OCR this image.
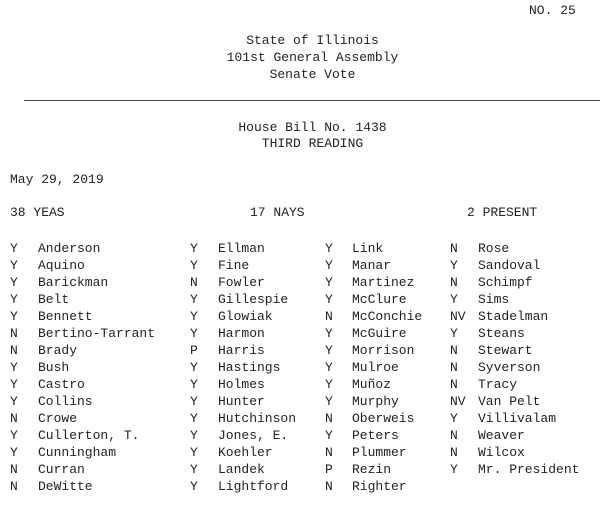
NO. 25
State of Illinois
101st General Assembly
Senate Vote
House Bill No. 1438
THIRD READING
May 29, 2019
38 YEAS	17 NAYS	2 PRESENT
Y Anderson
Y Aquino
Y Barickman
Y Belt
Y Bennett
N Bertino-Tarrant
N Brady
Y Bush
Y Castro
Y Collins
N Crowe
Y Cullerton, T.
Y Cunningham
N Curran
N DeWitte
Y Ellman
Y Fine
N Fowler
Y Gillespie
Y Glowiak
Y Harmon
P Harris
Y Hastings
Y Holmes
Y Hunter
Y Hutchinson
Y Jones, E.
Y Koehler
Y Landek
Y Lightford
Y Link
Y Manar
Y Martinez
Y McClure
N McConchie
Y McGuire
Y Morrison
Y Mulroe
Y Muñoz
Y Murphy
N Oberweis
Y Peters
N Plummer
P Rezin
N Righter
N Rose
Y Sandoval
N Schimpf
Y Sims
NV Stadelman
Y Steans
N Stewart
N Syverson
N Tracy
NV Van Pelt
Y Villivalam
N Weaver
N Wilcox
Y Mr. President
